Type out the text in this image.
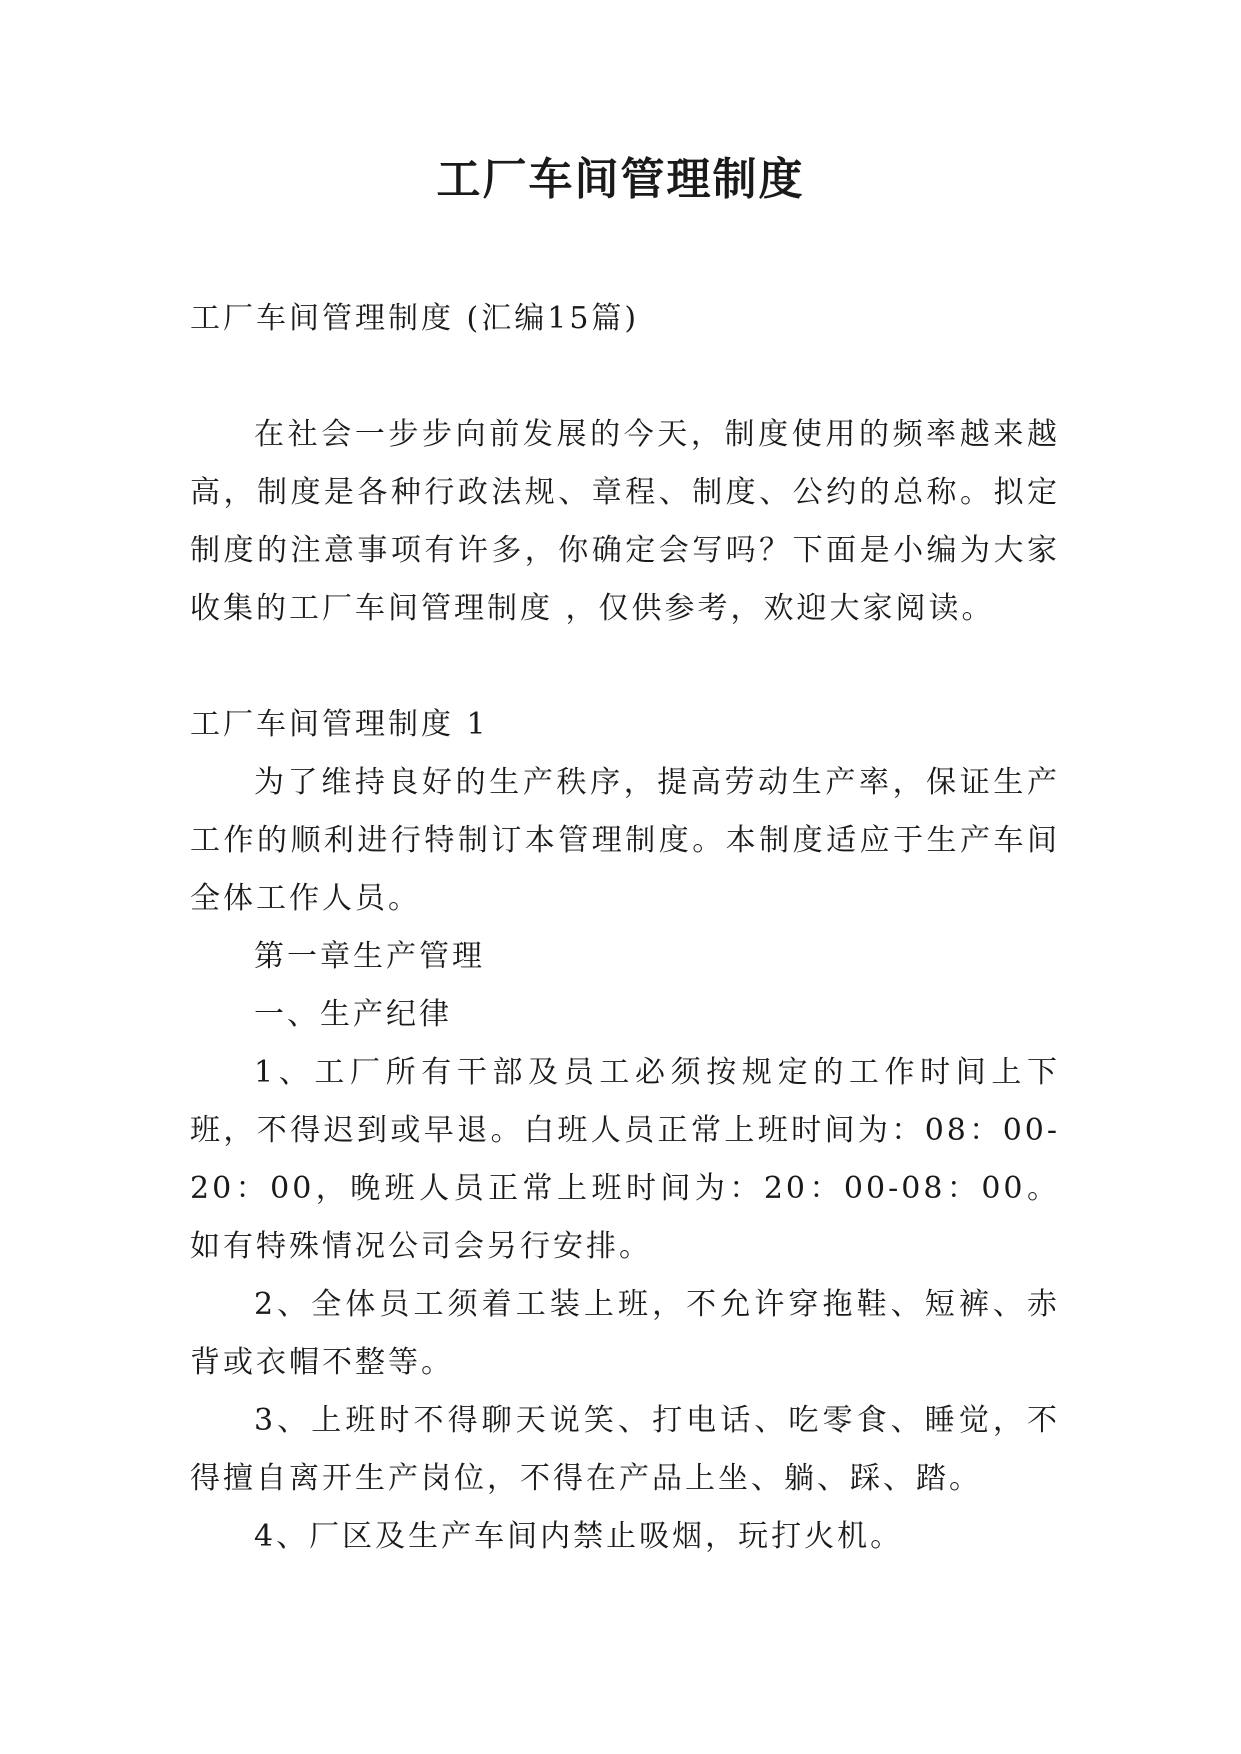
工厂车间管理制度

工厂车间管理制度 (汇编15篇)

在社会一步步向前发展的今天，制度使用的频率越来越高，制度是各种行政法规、章程、制度、公约的总称。拟定制度的注意事项有许多，你确定会写吗？下面是小编为大家收集的工厂车间管理制度 ，仅供参考，欢迎大家阅读。

工厂车间管理制度 1

为了维持良好的生产秩序，提高劳动生产率，保证生产工作的顺利进行特制订本管理制度。本制度适应于生产车间全体工作人员。

第一章生产管理

一、生产纪律

1、工厂所有干部及员工必须按规定的工作时间上下班，不得迟到或早退。白班人员正常上班时间为：08：00-20：00，晚班人员正常上班时间为：20：00-08：00。如有特殊情况公司会另行安排。

2、全体员工须着工装上班，不允许穿拖鞋、短裤、赤背或衣帽不整等。

3、上班时不得聊天说笑、打电话、吃零食、睡觉，不得擅自离开生产岗位，不得在产品上坐、躺、踩、踏。

4、厂区及生产车间内禁止吸烟，玩打火机。
